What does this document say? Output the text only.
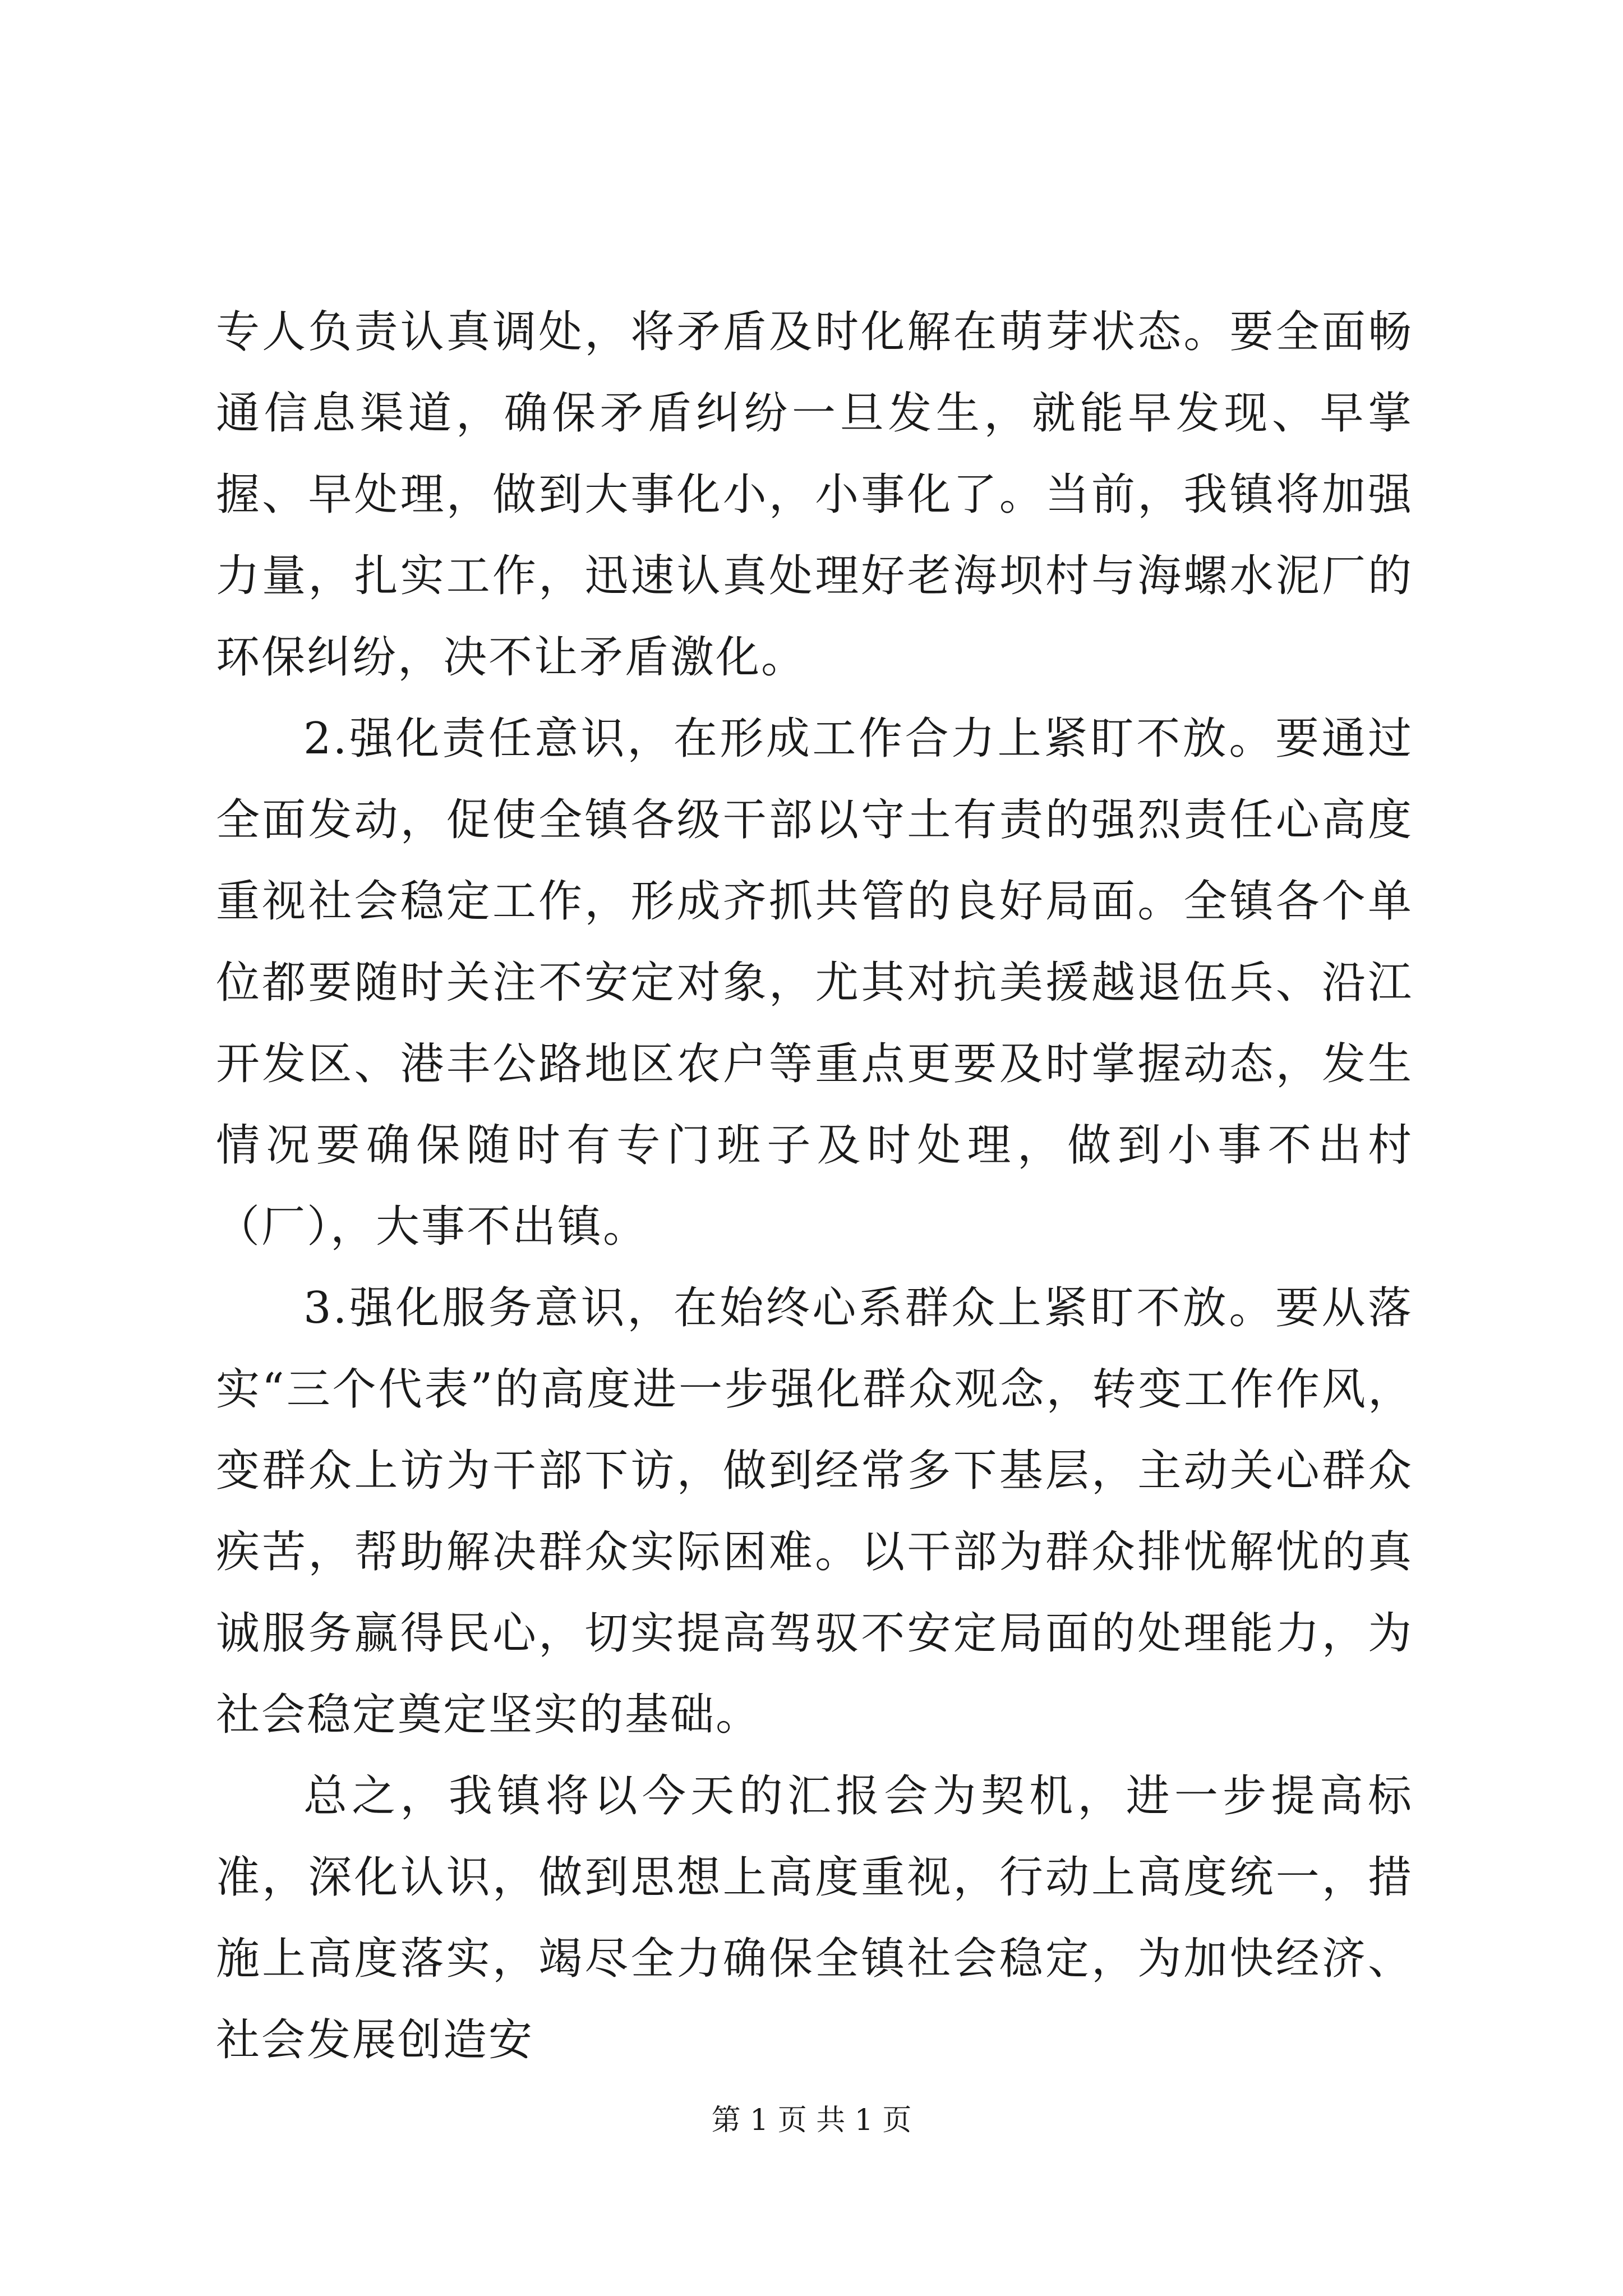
专人负责认真调处，将矛盾及时化解在萌芽状态。要全面畅通信息渠道，确保矛盾纠纷一旦发生，就能早发现、早掌握、早处理，做到大事化小，小事化了。当前，我镇将加强力量，扎实工作，迅速认真处理好老海坝村与海螺水泥厂的环保纠纷，决不让矛盾激化。

2.强化责任意识，在形成工作合力上紧盯不放。要通过全面发动，促使全镇各级干部以守土有责的强烈责任心高度重视社会稳定工作，形成齐抓共管的良好局面。全镇各个单位都要随时关注不安定对象，尤其对抗美援越退伍兵、沿江开发区、港丰公路地区农户等重点更要及时掌握动态，发生情况要确保随时有专门班子及时处理，做到小事不出村（厂），大事不出镇。

3.强化服务意识，在始终心系群众上紧盯不放。要从落实“三个代表”的高度进一步强化群众观念，转变工作作风，变群众上访为干部下访，做到经常多下基层，主动关心群众疾苦，帮助解决群众实际困难。以干部为群众排忧解忧的真诚服务赢得民心，切实提高驾驭不安定局面的处理能力，为社会稳定奠定坚实的基础。

总之，我镇将以今天的汇报会为契机，进一步提高标准，深化认识，做到思想上高度重视，行动上高度统一，措施上高度落实，竭尽全力确保全镇社会稳定，为加快经济、社会发展创造安

第 1 页 共 1 页
